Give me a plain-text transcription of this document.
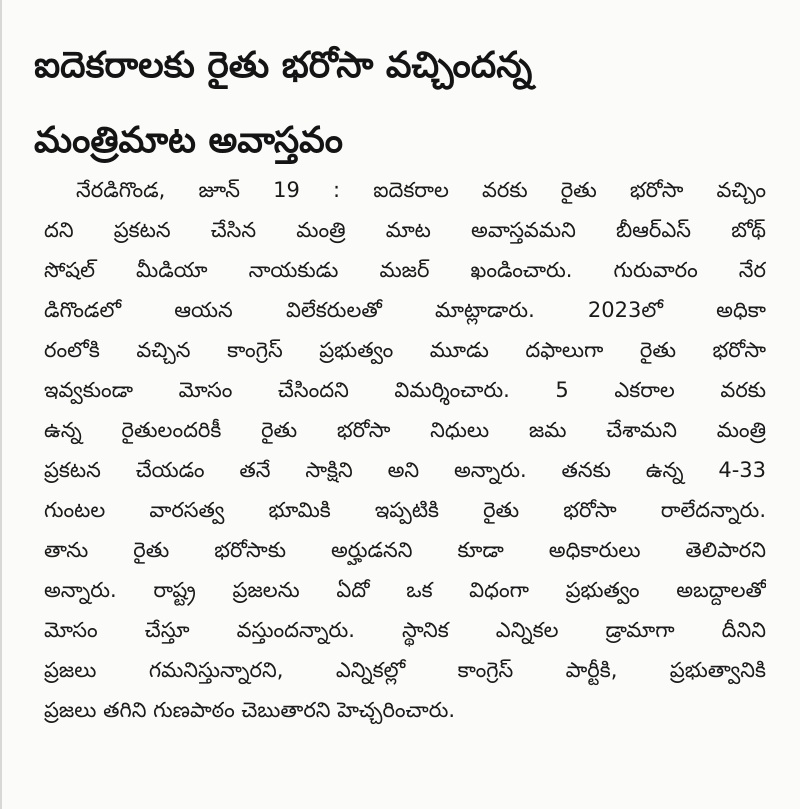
ఐదెకరాలకు రైతు భరోసా వచ్చిందన్న
మంత్రిమాట అవాస్తవం
నేరడిగొండ, జూన్ 19 : ఐదెకరాల వరకు రైతు భరోసా వచ్చిం
దని ప్రకటన చేసిన మంత్రి మాట అవాస్తవమని బీఆర్ఎస్ బోథ్
సోషల్ మీడియా నాయకుడు మజర్ ఖండించారు. గురువారం నేర
డిగొండలో ఆయన విలేకరులతో మాట్లాడారు. 2023లో అధికా
రంలోకి వచ్చిన కాంగ్రెస్ ప్రభుత్వం మూడు దఫాలుగా రైతు భరోసా
ఇవ్వకుండా మోసం చేసిందని విమర్శించారు. 5 ఎకరాల వరకు
ఉన్న రైతులందరికీ రైతు భరోసా నిధులు జమ చేశామని మంత్రి
ప్రకటన చేయడం తనే సాక్షిని అని అన్నారు. తనకు ఉన్న 4-33
గుంటల వారసత్వ భూమికి ఇప్పటికి రైతు భరోసా రాలేదన్నారు.
తాను రైతు భరోసాకు అర్హుడనని కూడా అధికారులు తెలిపారని
అన్నారు. రాష్ట్ర ప్రజలను ఏదో ఒక విధంగా ప్రభుత్వం అబద్దాలతో
మోసం చేస్తూ వస్తుందన్నారు. స్థానిక ఎన్నికల డ్రామాగా దీనిని
ప్రజలు గమనిస్తున్నారని, ఎన్నికల్లో కాంగ్రెస్ పార్టీకి, ప్రభుత్వానికి
ప్రజలు తగిని గుణపాఠం చెబుతారని హెచ్చరించారు.
